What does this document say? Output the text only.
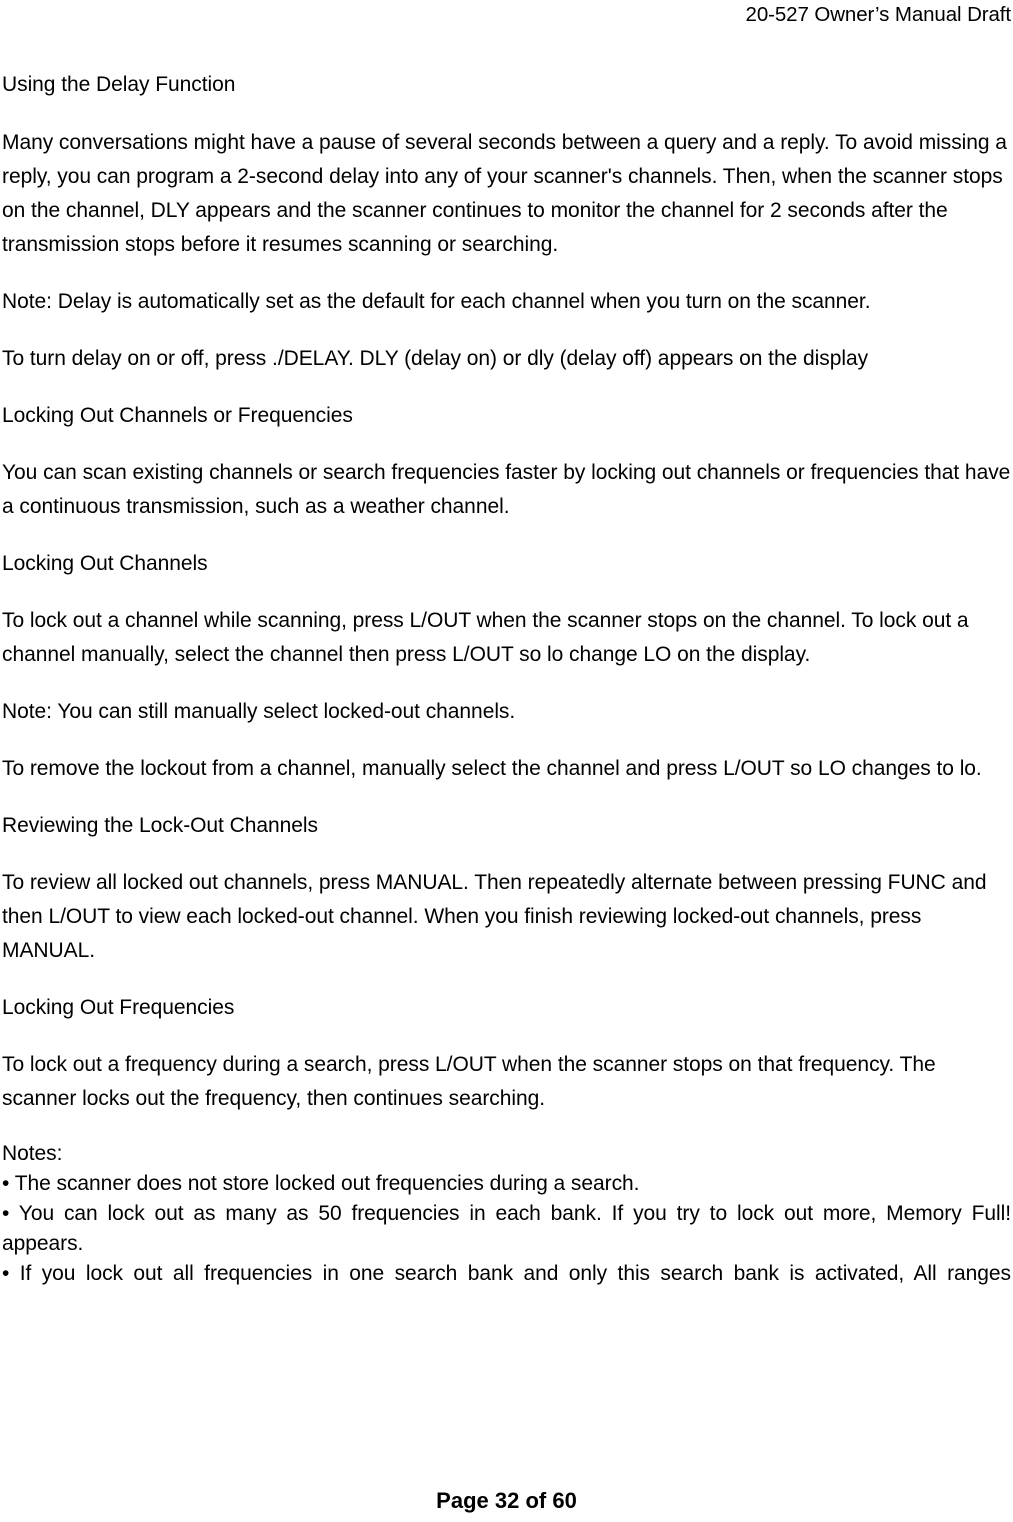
20-527 Owner’s Manual Draft
Using the Delay Function
Many conversations might have a pause of several seconds between a query and a reply. To avoid missing a reply, you can program a 2-second delay into any of your scanner's channels. Then, when the scanner stops on the channel, DLY appears and the scanner continues to monitor the channel for 2 seconds after the transmission stops before it resumes scanning or searching.
Note: Delay is automatically set as the default for each channel when you turn on the scanner.
To turn delay on or off, press ./DELAY. DLY (delay on) or dly (delay off) appears on the display
Locking Out Channels or Frequencies
You can scan existing channels or search frequencies faster by locking out channels or frequencies that have a continuous transmission, such as a weather channel.
Locking Out Channels
To lock out a channel while scanning, press L/OUT when the scanner stops on the channel. To lock out a channel manually, select the channel then press L/OUT so lo change LO on the display.
Note: You can still manually select locked-out channels.
To remove the lockout from a channel, manually select the channel and press L/OUT so LO changes to lo.
Reviewing the Lock-Out Channels
To review all locked out channels, press MANUAL. Then repeatedly alternate between pressing FUNC and then L/OUT to view each locked-out channel. When you finish reviewing locked-out channels, press MANUAL.
Locking Out Frequencies
To lock out a frequency during a search, press L/OUT when the scanner stops on that frequency. The scanner locks out the frequency, then continues searching.
Notes:
• The scanner does not store locked out frequencies during a search.
• You can lock out as many as 50 frequencies in each bank. If you try to lock out more, Memory Full! appears.
• If you lock out all frequencies in one search bank and only this search bank is activated, All ranges
Page 32 of 60
